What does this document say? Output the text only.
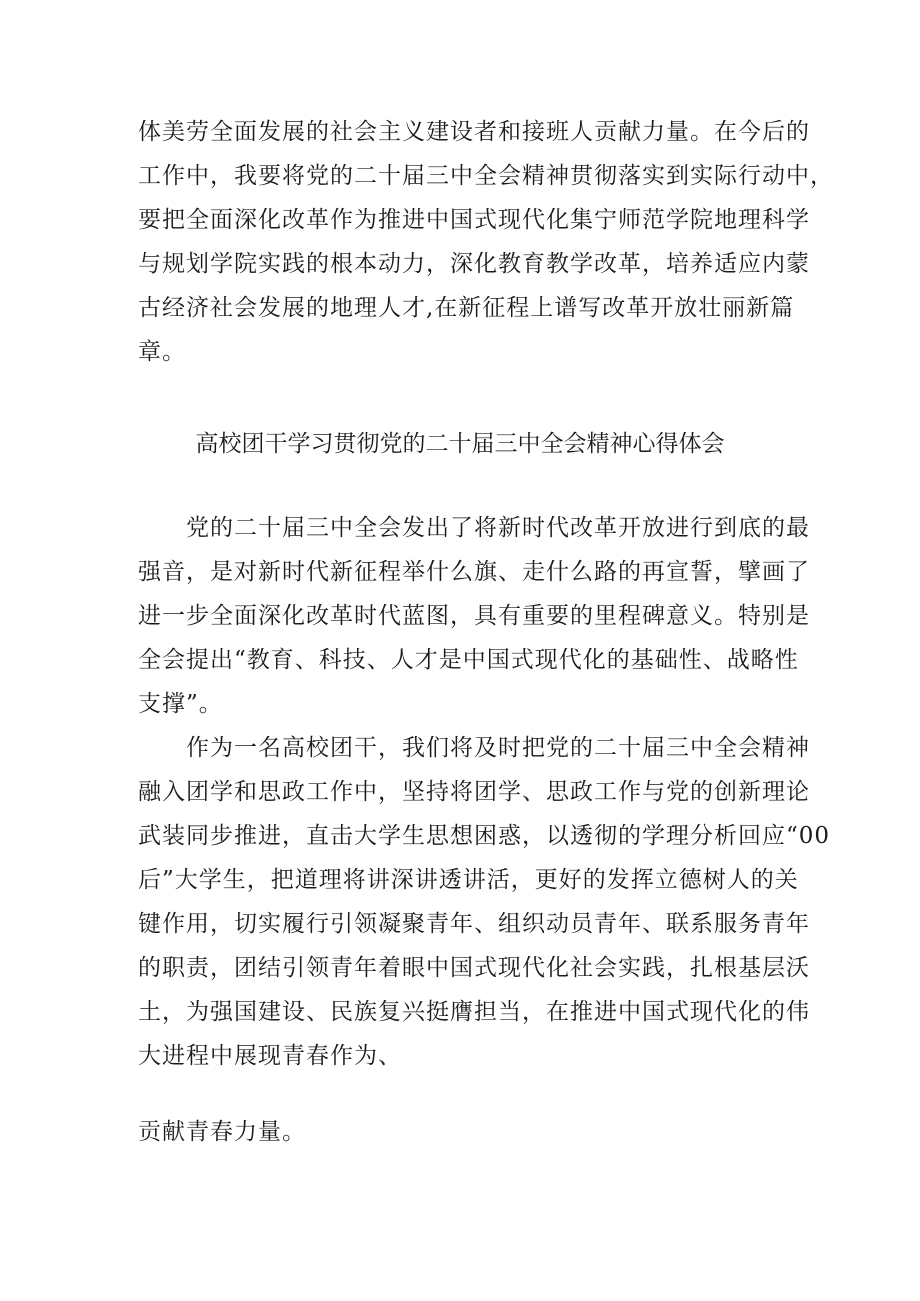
体美劳全面发展的社会主义建设者和接班人贡献力量。在今后的
工作中，我要将党的二十届三中全会精神贯彻落实到实际行动中，
要把全面深化改革作为推进中国式现代化集宁师范学院地理科学
与规划学院实践的根本动力，深化教育教学改革，培养适应内蒙
古经济社会发展的地理人才,在新征程上谱写改革开放壮丽新篇
章。

高校团干学习贯彻党的二十届三中全会精神心得体会

党的二十届三中全会发出了将新时代改革开放进行到底的最
强音，是对新时代新征程举什么旗、走什么路的再宣誓，擘画了
进一步全面深化改革时代蓝图，具有重要的里程碑意义。特别是
全会提出“教育、科技、人才是中国式现代化的基础性、战略性
支撑”。

作为一名高校团干，我们将及时把党的二十届三中全会精神
融入团学和思政工作中，坚持将团学、思政工作与党的创新理论
武装同步推进，直击大学生思想困惑，以透彻的学理分析回应“00
后”大学生，把道理将讲深讲透讲活，更好的发挥立德树人的关
键作用，切实履行引领凝聚青年、组织动员青年、联系服务青年
的职责，团结引领青年着眼中国式现代化社会实践，扎根基层沃
土，为强国建设、民族复兴挺膺担当，在推进中国式现代化的伟
大进程中展现青春作为、

贡献青春力量。
